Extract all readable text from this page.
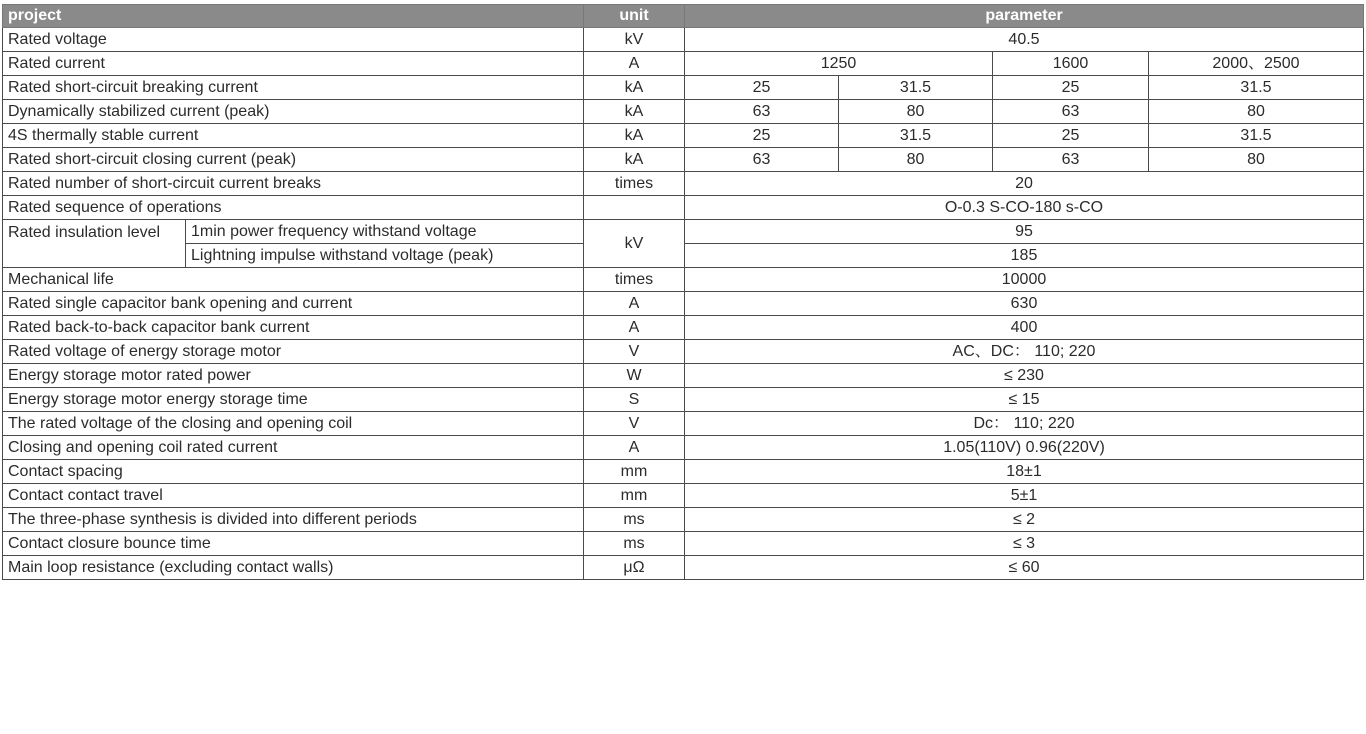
project		unit	parameter			
Rated voltage		kV	40.5			
Rated current		A	1250		1600	2000、2500
Rated short-circuit breaking current		kA	25	31.5	25	31.5
Dynamically stabilized current (peak)		kA	63	80	63	80
4S thermally stable current		kA	25	31.5	25	31.5
Rated short-circuit closing current (peak)		kA	63	80	63	80
Rated number of short-circuit current breaks		times	20			
Rated sequence of operations			O-0.3 S-CO-180 s-CO			
Rated insulation level	1min power frequency withstand voltage	kV	95			
	Lightning impulse withstand voltage (peak)		185			
Mechanical life		times	10000			
Rated single capacitor bank opening and current		A	630			
Rated back-to-back capacitor bank current		A	400			
Rated voltage of energy storage motor		V	AC、DC： 110; 220			
Energy storage motor rated power		W	≤ 230			
Energy storage motor energy storage time		S	≤ 15			
The rated voltage of the closing and opening coil		V	Dc： 110; 220			
Closing and opening coil rated current		A	1.05(110V) 0.96(220V)			
Contact spacing		mm	18±1			
Contact contact travel		mm	5±1			
The three-phase synthesis is divided into different periods		ms	≤ 2			
Contact closure bounce time		ms	≤ 3			
Main loop resistance (excluding contact walls)		μΩ	≤ 60			
